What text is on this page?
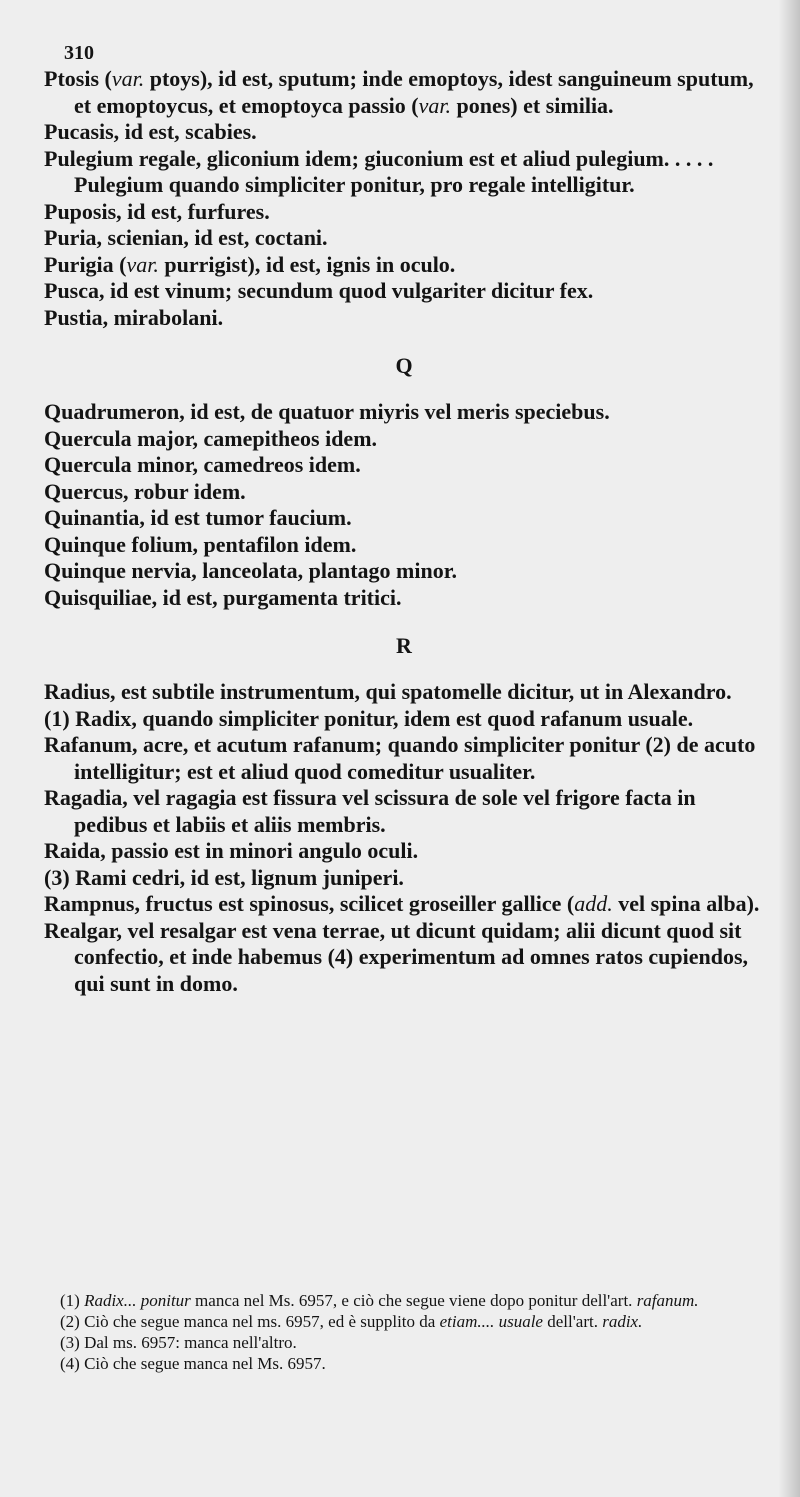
310
Ptosis (var. ptoys), id est, sputum; inde emoptoys, idest sanguineum sputum, et emoptoycus, et emoptoyca passio (var. pones) et similia.
Pucasis, id est, scabies.
Pulegium regale, gliconium idem; giuconium est et aliud pulegium. . . . . Pulegium quando simpliciter ponitur, pro regale intelligitur.
Puposis, id est, furfures.
Puria, scienian, id est, coctani.
Purigia (var. purrigist), id est, ignis in oculo.
Pusca, id est vinum; secundum quod vulgariter dicitur fex.
Pustia, mirabolani.
Q
Quadrumeron, id est, de quatuor miyris vel meris speciebus.
Quercula major, camepitheos idem.
Quercula minor, camedreos idem.
Quercus, robur idem.
Quinantia, id est tumor faucium.
Quinque folium, pentafilon idem.
Quinque nervia, lanceolata, plantago minor.
Quisquiliae, id est, purgamenta tritici.
R
Radius, est subtile instrumentum, qui spatomelle dicitur, ut in Alexandro.
(1) Radix, quando simpliciter ponitur, idem est quod rafanum usuale.
Rafanum, acre, et acutum rafanum; quando simpliciter ponitur (2) de acuto intelligitur; est et aliud quod comeditur usualiter.
Ragadia, vel ragagia est fissura vel scissura de sole vel frigore facta in pedibus et labiis et aliis membris.
Raida, passio est in minori angulo oculi.
(3) Rami cedri, id est, lignum juniperi.
Rampnus, fructus est spinosus, scilicet groseiller gallice (add. vel spina alba).
Realgar, vel resalgar est vena terrae, ut dicunt quidam; alii dicunt quod sit confectio, et inde habemus (4) experimentum ad omnes ratos cupiendos, qui sunt in domo.
(1) Radix... ponitur manca nel Ms. 6957, e ciò che segue viene dopo ponitur dell'art. rafanum.
(2) Ciò che segue manca nel ms. 6957, ed è supplito da etiam.... usuale dell'art. radix.
(3) Dal ms. 6957: manca nell'altro.
(4) Ciò che segue manca nel Ms. 6957.
